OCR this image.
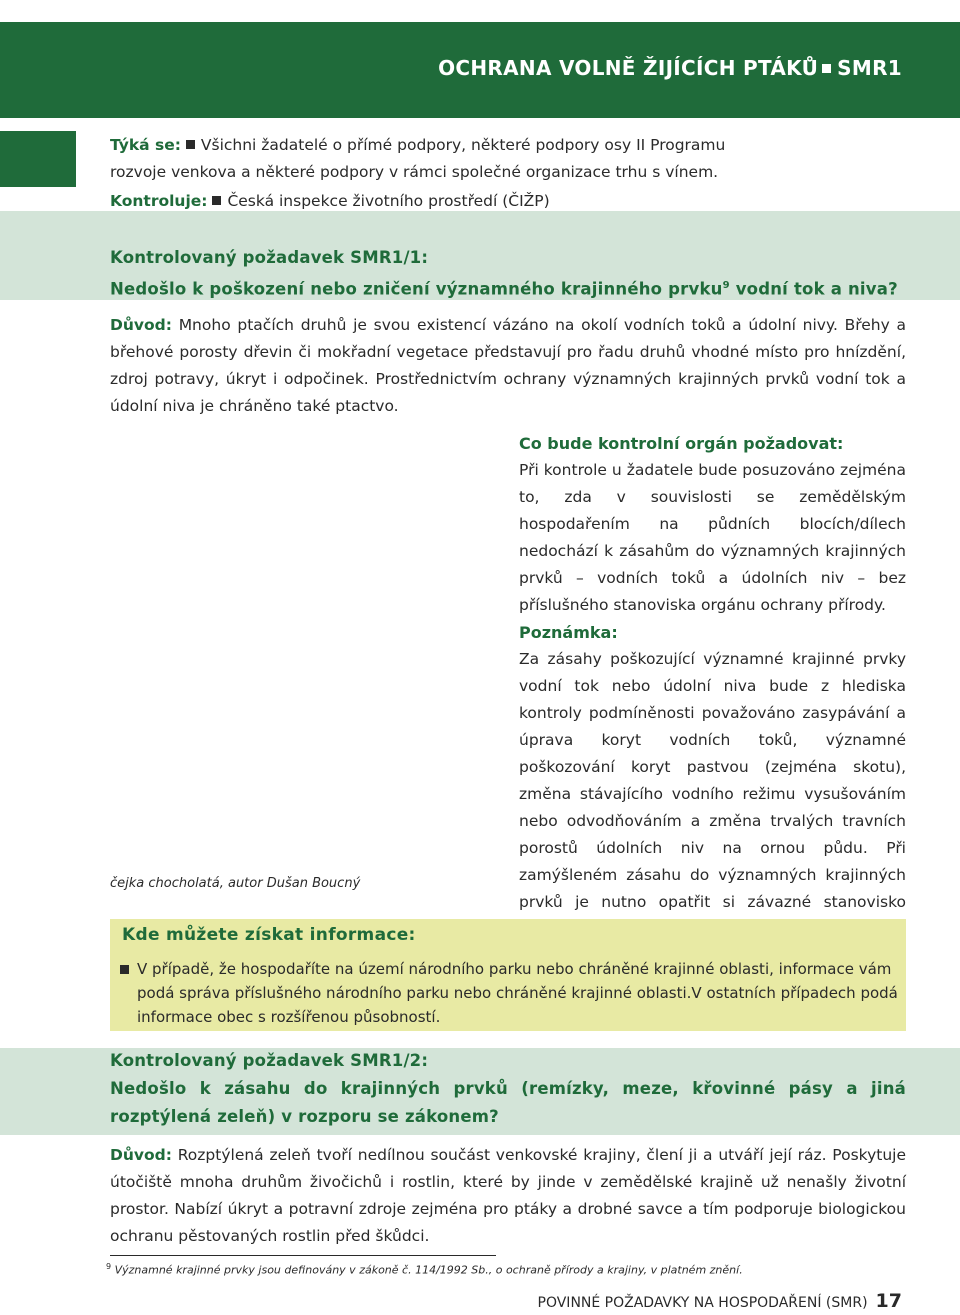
OCHRANA VOLNĚ ŽIJÍCÍCH PTÁKŮ SMR1
Týká se: Všichni žadatelé o přímé podpory, některé podpory osy II Programu
rozvoje venkova a některé podpory v rámci společné organizace trhu s vínem.
Kontroluje: Česká inspekce životního prostředí (ČIŽP)
Kontrolovaný požadavek SMR1/1:
Nedošlo k poškození nebo zničení významného krajinného prvku$^9$ vodní tok a niva?
Důvod: Mnoho ptačích druhů je svou existencí vázáno na okolí vodních toků a údolní nivy. Břehy a břehové porosty dřevin či mokřadní vegetace představují pro řadu druhů vhodné místo pro hnízdění, zdroj potravy, úkryt i odpočinek. Prostřednictvím ochrany významných krajinných prvků vodní tok a údolní niva je chráněno také ptactvo.
čejka chocholatá, autor Dušan Boucný
Co bude kontrolní orgán požadovat:
Při kontrole u žadatele bude posuzováno zejména to, zda v souvislosti se zemědělským hospodařením na půdních blocích/dílech nedochází k zásahům do významných krajinných prvků – vodních toků a údolních niv – bez příslušného stanoviska orgánu ochrany přírody.
Poznámka:
Za zásahy poškozující významné krajinné prvky vodní tok nebo údolní niva bude z hlediska kontroly podmíněnosti považováno zasypávání a úprava koryt vodních toků, významné poškozování koryt pastvou (zejména skotu), změna stávajícího vodního režimu vysušováním nebo odvodňováním a změna trvalých travních porostů údolních niv na ornou půdu. Při zamýšleném zásahu do významných krajinných prvků je nutno opatřit si závazné stanovisko
Kde můžete získat informace:
V případě, že hospodaříte na území národního parku nebo chráněné krajinné oblasti, informace vám podá správa příslušného národního parku nebo chráněné krajinné oblasti.V ostatních případech podá informace obec s rozšířenou působností.
Kontrolovaný požadavek SMR1/2:
Nedošlo k zásahu do krajinných prvků (remízky, meze, křovinné pásy a jiná rozptýlená zeleň) v rozporu se zákonem?
Důvod: Rozptýlená zeleň tvoří nedílnou součást venkovské krajiny, člení ji a utváří její ráz. Poskytuje útočiště mnoha druhům živočichů i rostlin, které by jinde v zemědělské krajině už nenašly životní prostor. Nabízí úkryt a potravní zdroje zejména pro ptáky a drobné savce a tím podporuje biologickou ochranu pěstovaných rostlin před škůdci.
$^9$ Významné krajinné prvky jsou definovány v zákoně č. 114/1992 Sb., o ochraně přírody a krajiny, v platném znění.
POVINNÉ POŽADAVKY NA HOSPODAŘENÍ (SMR) 17
